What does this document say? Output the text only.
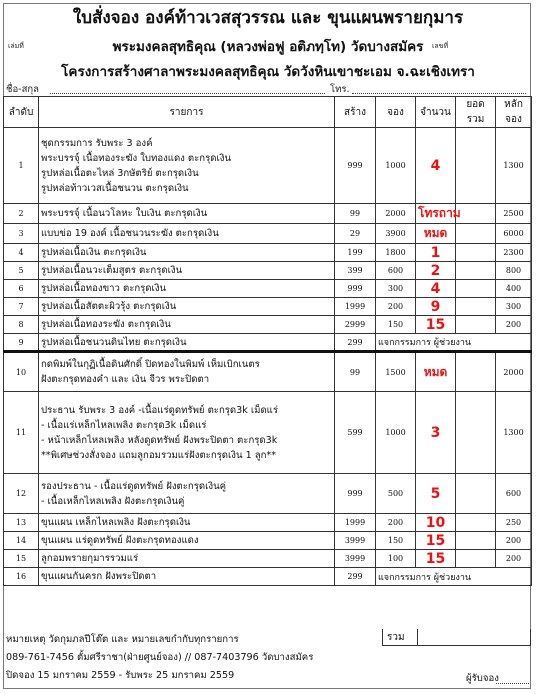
ใบสั่งจอง องค์ท้าวเวสสุวรรณ และ ขุนแผนพรายกุมาร
เล่มที่	พระมงคลสุทธิคุณ (หลวงพ่อฟู อติภทฺโท) วัดบางสมัคร	เลขที่
โครงการสร้างศาลาพระมงคลสุทธิคุณ วัดวังหินเขาชะเอม จ.ฉะเชิงเทรา
ชื่อ-สกุล	โทร.
ลำดับ	รายการ	สร้าง	จอง	จำนวน	ยอดรวม	หลักจอง
1	ชุดกรรมการ รับพระ 3 องค์
พระบรรจุ์ เนื้อทองระฆัง ใบทองแดง ตะกรุดเงิน
รูปหล่อเนื้อตะไหล่ 3กษัตริย์ ตะกรุดเงิน
รูปหล่อท้าวเวสเนื้อชนวน ตะกรุดเงิน	999	1000	4		1300
2	พระบรรจุ์ เนื้อนวโลหะ ใบเงิน ตะกรุดเงิน	99	2000	โทรถาม		2500
3	แบบข่อ 19 องค์ เนื้อชนวนระฆัง ตะกรุดเงิน	29	3900	หมด		6000
4	รูปหล่อเนื้อเงิน ตะกรุดเงิน	199	1800	1		2300
5	รูปหล่อเนื้อนวะเต็มสูตร ตะกรุดเงิน	399	600	2		800
6	รูปหล่อเนื้อทองขาว ตะกรุดเงิน	999	300	4		400
7	รูปหล่อเนื้อสัตตะผิวรุ้ง ตะกรุดเงิน	1999	200	9		300
8	รูปหล่อเนื้อทองระฆัง ตะกรุดเงิน	2999	150	15		200
9	รูปหล่อเนื้อชนวนดินไทย ตะกรุดเงิน	299	แจกกรรมการ ผู้ช่วยงาน			
10	กดพิมพ์ในกุฏิเนื้อดินศักดิ์ ปิดทองในพิมพ์ เห็มเบิกเนตร
ฝังตะกรุดทองคำ และ เงิน จีวร พระปิดตา	99	1500	หมด		2000
11	ประธาน รับพระ 3 องค์ -เนื้อแร่ดูดทรัพย์ ตะกรุด3k เม็ดแร่
- เนื้อแร่เหล็กไหลเพลิง ตะกรุด3k เม็ดแร่
- หน้าเหล็กไหลเพลิง หลังดูดทรัพย์ ฝังพระปิดตา ตะกรุด3k
**พิเศษช่วงสั่งจอง แถมลูกอมรวมแร่ฝังตะกรุดเงิน 1 ลูก**	599	1000	3		1300
12	รองประธาน - เนื้อแร่ดูดทรัพย์ ฝังตะกรุดเงินคู่
- เนื้อเหล็กไหลเพลิง ฝังตะกรุดเงินคู่	999	500	5		600
13	ขุนแผน เหล็กไหลเพลิง ฝังตะกรุดเงิน	1999	200	10		250
14	ขุนแผน แร่ดูดทรัพย์ ฝังตะกรุดทองแดง	3999	150	15		200
15	ลูกอมพรายกุมารรวมแร่	3999	100	15		200
16	ขุนแผนกันครก ฝังพระปิดตา	299	แจกกรรมการ ผู้ช่วยงาน			
รวม
หมายเหตุ วัดกุมภลปีโต๊ต และ หมายเลขกำกับทุกรายการ
089-761-7456 ตั้มศรีราชา(ฝ่ายศูนย์จอง) // 087-7403796 วัดบางสมัคร
ปิดจอง 15 มกราคม 2559 - รับพระ 25 มกราคม 2559	ผู้รับจอง
